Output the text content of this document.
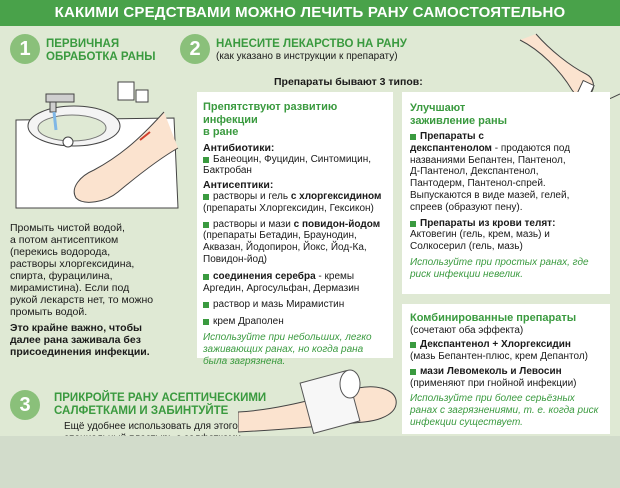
КАКИМИ СРЕДСТВАМИ МОЖНО ЛЕЧИТЬ РАНУ САМОСТОЯТЕЛЬНО
1	ПЕРВИЧНАЯ
ОБРАБОТКА РАНЫ
Промыть чистой водой,
а потом антисептиком
(перекись водорода,
растворы хлоргексидина,
спирта, фурацилина,
мирамистина). Если под
рукой лекарств нет, то можно
промыть водой.
Это крайне важно, чтобы
далее рана заживала без
присоединения инфекции.
2	НАНЕСИТЕ ЛЕКАРСТВО НА РАНУ
(как указано в инструкции к препарату)
Препараты бывают 3 типов:
Препятствуют развитию инфекции
в ране
Антибиотики:
Банеоцин, Фуцидин, Синтомицин,
Бактробан
Антисептики:
растворы и гель с хлоргексидином
(препараты Хлоргексидин, Гексикон)
растворы и мази с повидон-йодом
(препараты Бетадин, Браунодин,
Аквазан, Йодопирон, Йокс, Йод-Ка,
Повидон-йод)
соединения серебра - кремы
Аргедин, Аргосульфан, Дермазин
раствор и мазь Мирамистин
крем Драполен
Используйте при небольших, легко
заживающих ранах, но когда рана
была загрязнена.
Улучшают
заживление раны
Препараты с
декспантенолом - продаются под
названиями Бепантен, Пантенол,
Д-Пантенол, Декспантенол,
Пантодерм, Пантенол-спрей.
Выпускаются в виде мазей, гелей,
спреев (образуют пену).
Препараты из крови телят:
Актовегин (гель, крем, мазь) и
Солкосерил (гель, мазь)
Используйте при простых ранах, где
риск инфекции невелик.
Комбинированные препараты
(сочетают оба эффекта)
Декспантенол + Хлоргексидин
(мазь Бепантен-плюс, крем Депантол)
мази Левомеколь и Левосин
(применяют при гнойной инфекции)
Используйте при более серьёзных
ранах с загрязнениями, т. е. когда риск
инфекции существует.
3	ПРИКРОЙТЕ РАНУ АСЕПТИЧЕСКИМИ
САЛФЕТКАМИ И ЗАБИНТУЙТЕ
Ещё удобнее использовать для этого
